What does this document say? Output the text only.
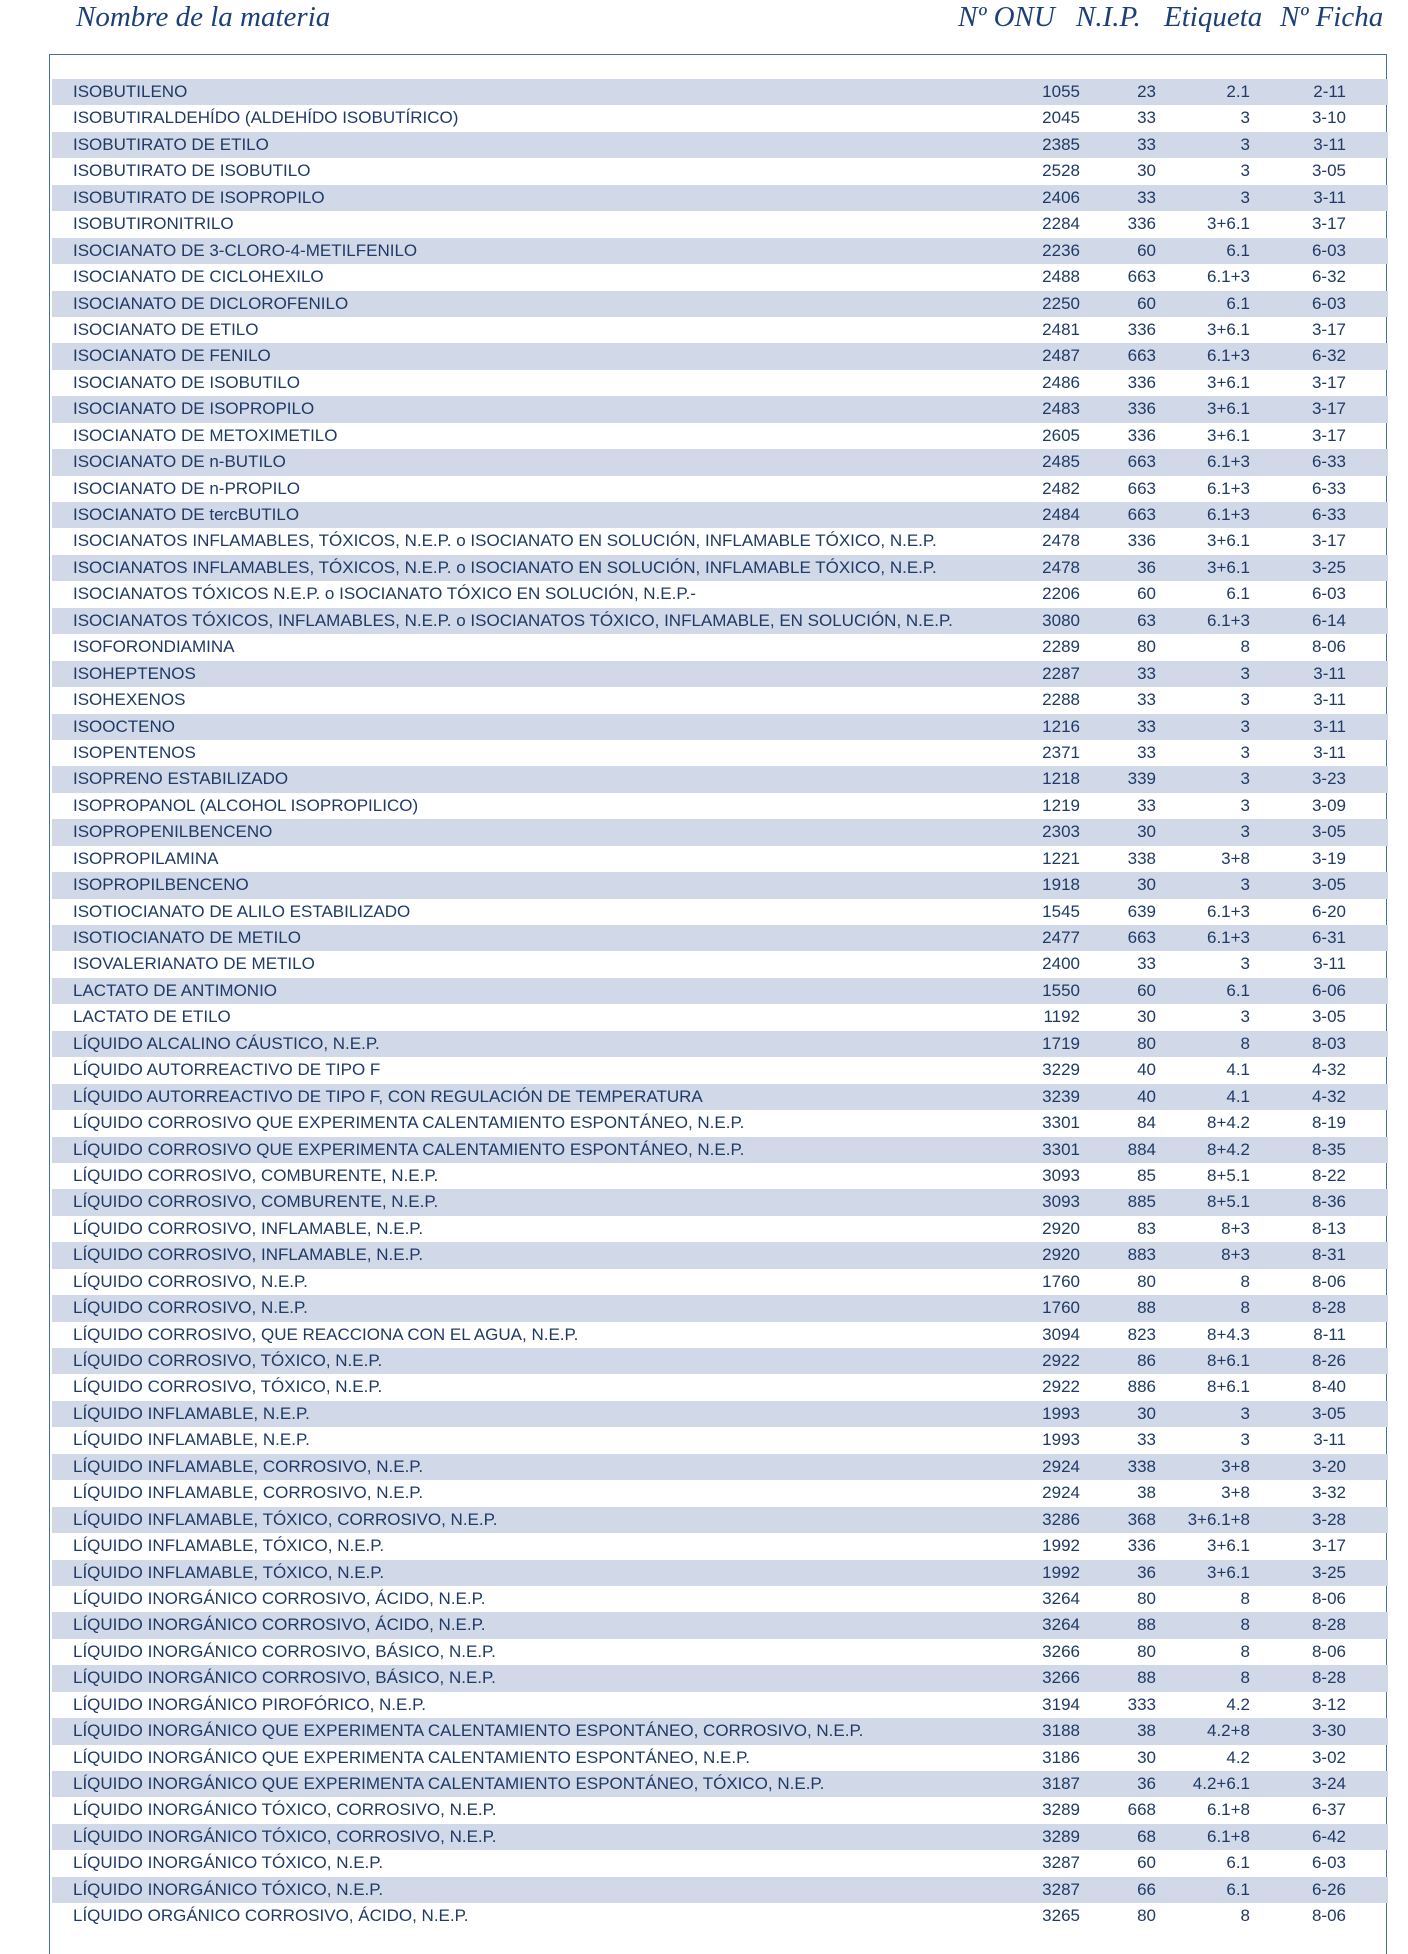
Nombre de la materia	Nº ONU N.I.P. Etiqueta Nº Ficha
ISOBUTILENO	1055	23	2.1	2-11
ISOBUTIRALDEHÍDO (ALDEHÍDO ISOBUTÍRICO)	2045	33	3	3-10
ISOBUTIRATO DE ETILO	2385	33	3	3-11
ISOBUTIRATO DE ISOBUTILO	2528	30	3	3-05
ISOBUTIRATO DE ISOPROPILO	2406	33	3	3-11
ISOBUTIRONITRILO	2284	336	3+6.1	3-17
ISOCIANATO DE 3-CLORO-4-METILFENILO	2236	60	6.1	6-03
ISOCIANATO DE CICLOHEXILO	2488	663	6.1+3	6-32
ISOCIANATO DE DICLOROFENILO	2250	60	6.1	6-03
ISOCIANATO DE ETILO	2481	336	3+6.1	3-17
ISOCIANATO DE FENILO	2487	663	6.1+3	6-32
ISOCIANATO DE ISOBUTILO	2486	336	3+6.1	3-17
ISOCIANATO DE ISOPROPILO	2483	336	3+6.1	3-17
ISOCIANATO DE METOXIMETILO	2605	336	3+6.1	3-17
ISOCIANATO DE n-BUTILO	2485	663	6.1+3	6-33
ISOCIANATO DE n-PROPILO	2482	663	6.1+3	6-33
ISOCIANATO DE tercBUTILO	2484	663	6.1+3	6-33
ISOCIANATOS INFLAMABLES, TÓXICOS, N.E.P. o ISOCIANATO EN SOLUCIÓN, INFLAMABLE TÓXICO, N.E.P.	2478	336	3+6.1	3-17
ISOCIANATOS INFLAMABLES, TÓXICOS, N.E.P. o ISOCIANATO EN SOLUCIÓN, INFLAMABLE TÓXICO, N.E.P.	2478	36	3+6.1	3-25
ISOCIANATOS TÓXICOS N.E.P. o ISOCIANATO TÓXICO EN SOLUCIÓN, N.E.P.-	2206	60	6.1	6-03
ISOCIANATOS TÓXICOS, INFLAMABLES, N.E.P. o ISOCIANATOS TÓXICO, INFLAMABLE, EN SOLUCIÓN, N.E.P.	3080	63	6.1+3	6-14
ISOFORONDIAMINA	2289	80	8	8-06
ISOHEPTENOS	2287	33	3	3-11
ISOHEXENOS	2288	33	3	3-11
ISOOCTENO	1216	33	3	3-11
ISOPENTENOS	2371	33	3	3-11
ISOPRENO ESTABILIZADO	1218	339	3	3-23
ISOPROPANOL (ALCOHOL ISOPROPILICO)	1219	33	3	3-09
ISOPROPENILBENCENO	2303	30	3	3-05
ISOPROPILAMINA	1221	338	3+8	3-19
ISOPROPILBENCENO	1918	30	3	3-05
ISOTIOCIANATO DE ALILO ESTABILIZADO	1545	639	6.1+3	6-20
ISOTIOCIANATO DE METILO	2477	663	6.1+3	6-31
ISOVALERIANATO DE METILO	2400	33	3	3-11
LACTATO DE ANTIMONIO	1550	60	6.1	6-06
LACTATO DE ETILO	1192	30	3	3-05
LÍQUIDO ALCALINO CÁUSTICO, N.E.P.	1719	80	8	8-03
LÍQUIDO AUTORREACTIVO DE TIPO F	3229	40	4.1	4-32
LÍQUIDO AUTORREACTIVO DE TIPO F, CON REGULACIÓN DE TEMPERATURA	3239	40	4.1	4-32
LÍQUIDO CORROSIVO QUE EXPERIMENTA CALENTAMIENTO ESPONTÁNEO, N.E.P.	3301	84	8+4.2	8-19
LÍQUIDO CORROSIVO QUE EXPERIMENTA CALENTAMIENTO ESPONTÁNEO, N.E.P.	3301	884	8+4.2	8-35
LÍQUIDO CORROSIVO, COMBURENTE, N.E.P.	3093	85	8+5.1	8-22
LÍQUIDO CORROSIVO, COMBURENTE, N.E.P.	3093	885	8+5.1	8-36
LÍQUIDO CORROSIVO, INFLAMABLE, N.E.P.	2920	83	8+3	8-13
LÍQUIDO CORROSIVO, INFLAMABLE, N.E.P.	2920	883	8+3	8-31
LÍQUIDO CORROSIVO, N.E.P.	1760	80	8	8-06
LÍQUIDO CORROSIVO, N.E.P.	1760	88	8	8-28
LÍQUIDO CORROSIVO, QUE REACCIONA CON EL AGUA, N.E.P.	3094	823	8+4.3	8-11
LÍQUIDO CORROSIVO, TÓXICO, N.E.P.	2922	86	8+6.1	8-26
LÍQUIDO CORROSIVO, TÓXICO, N.E.P.	2922	886	8+6.1	8-40
LÍQUIDO INFLAMABLE, N.E.P.	1993	30	3	3-05
LÍQUIDO INFLAMABLE, N.E.P.	1993	33	3	3-11
LÍQUIDO INFLAMABLE, CORROSIVO, N.E.P.	2924	338	3+8	3-20
LÍQUIDO INFLAMABLE, CORROSIVO, N.E.P.	2924	38	3+8	3-32
LÍQUIDO INFLAMABLE, TÓXICO, CORROSIVO, N.E.P.	3286	368 3+6.1+8	3-28
LÍQUIDO INFLAMABLE, TÓXICO, N.E.P.	1992	336	3+6.1	3-17
LÍQUIDO INFLAMABLE, TÓXICO, N.E.P.	1992	36	3+6.1	3-25
LÍQUIDO INORGÁNICO CORROSIVO, ÁCIDO, N.E.P.	3264	80	8	8-06
LÍQUIDO INORGÁNICO CORROSIVO, ÁCIDO, N.E.P.	3264	88	8	8-28
LÍQUIDO INORGÁNICO CORROSIVO, BÁSICO, N.E.P.	3266	80	8	8-06
LÍQUIDO INORGÁNICO CORROSIVO, BÁSICO, N.E.P.	3266	88	8	8-28
LÍQUIDO INORGÁNICO PIROFÓRICO, N.E.P.	3194	333	4.2	3-12
LÍQUIDO INORGÁNICO QUE EXPERIMENTA CALENTAMIENTO ESPONTÁNEO, CORROSIVO, N.E.P.	3188	38	4.2+8	3-30
LÍQUIDO INORGÁNICO QUE EXPERIMENTA CALENTAMIENTO ESPONTÁNEO, N.E.P.	3186	30	4.2	3-02
LÍQUIDO INORGÁNICO QUE EXPERIMENTA CALENTAMIENTO ESPONTÁNEO, TÓXICO, N.E.P.	3187	36 4.2+6.1	3-24
LÍQUIDO INORGÁNICO TÓXICO, CORROSIVO, N.E.P.	3289	668	6.1+8	6-37
LÍQUIDO INORGÁNICO TÓXICO, CORROSIVO, N.E.P.	3289	68	6.1+8	6-42
LÍQUIDO INORGÁNICO TÓXICO, N.E.P.	3287	60	6.1	6-03
LÍQUIDO INORGÁNICO TÓXICO, N.E.P.	3287	66	6.1	6-26
LÍQUIDO ORGÁNICO CORROSIVO, ÁCIDO, N.E.P.	3265	80	8	8-06
